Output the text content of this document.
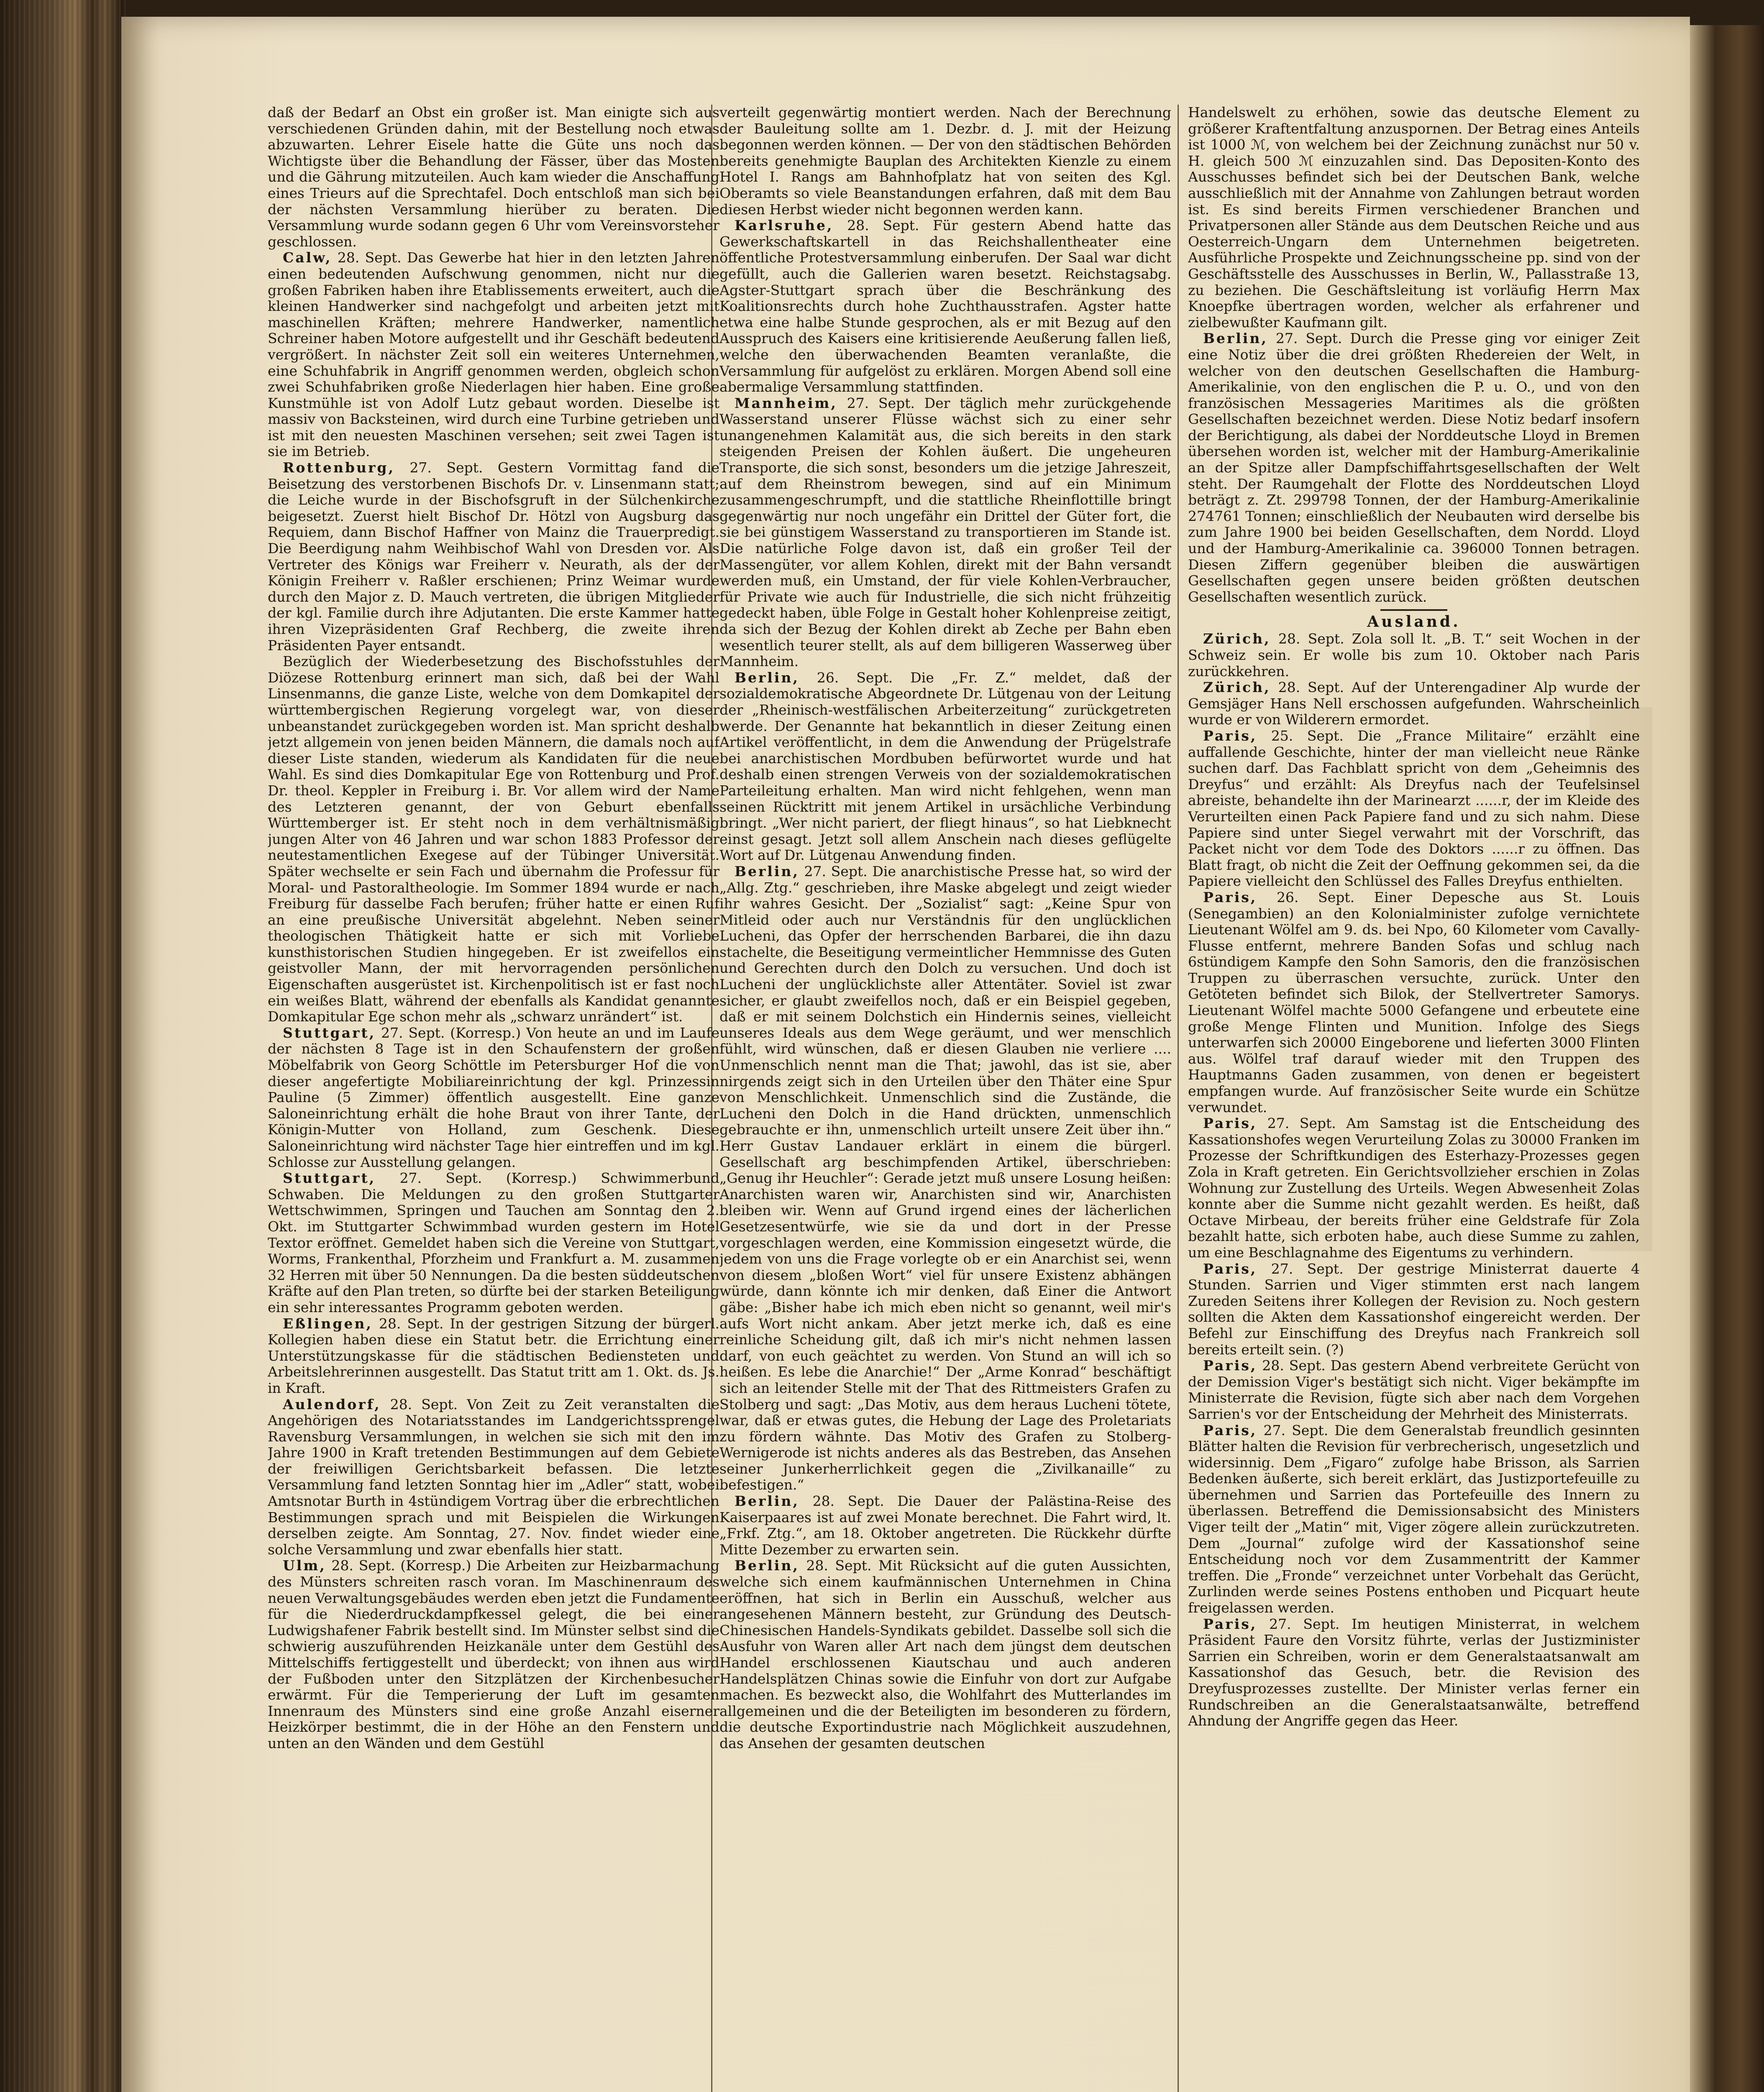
daß der Bedarf an Obst ein großer ist. Man einigte sich aus verschiedenen Gründen dahin, mit der Bestellung noch etwas abzuwarten. Lehrer Eisele hatte die Güte uns noch das Wichtigste über die Behandlung der Fässer, über das Mosten und die Gährung mitzuteilen. Auch kam wieder die Anschaffung eines Trieurs auf die Sprechtafel. Doch entschloß man sich bei der nächsten Versammlung hierüber zu beraten. Die Versammlung wurde sodann gegen 6 Uhr vom Vereinsvorsteher geschlossen.

Calw, 28. Sept. Das Gewerbe hat hier in den letzten Jahren einen bedeutenden Aufschwung genommen, nicht nur die großen Fabriken haben ihre Etablissements erweitert, auch die kleinen Handwerker sind nachgefolgt und arbeiten jetzt mit maschinellen Kräften; mehrere Handwerker, namentlich Schreiner haben Motore aufgestellt und ihr Geschäft bedeutend vergrößert. In nächster Zeit soll ein weiteres Unternehmen, eine Schuhfabrik in Angriff genommen werden, obgleich schon zwei Schuhfabriken große Niederlagen hier haben. Eine große Kunstmühle ist von Adolf Lutz gebaut worden. Dieselbe ist massiv von Backsteinen, wird durch eine Turbine getrieben und ist mit den neuesten Maschinen versehen; seit zwei Tagen ist sie im Betrieb.

Rottenburg, 27. Sept. Gestern Vormittag fand die Beisetzung des verstorbenen Bischofs Dr. v. Linsenmann statt; die Leiche wurde in der Bischofsgruft in der Sülchenkirche beigesetzt. Zuerst hielt Bischof Dr. Hötzl von Augsburg das Requiem, dann Bischof Haffner von Mainz die Trauerpredigt. Die Beerdigung nahm Weihbischof Wahl von Dresden vor. Als Vertreter des Königs war Freiherr v. Neurath, als der der Königin Freiherr v. Raßler erschienen; Prinz Weimar wurde durch den Major z. D. Mauch vertreten, die übrigen Mitglieder der kgl. Familie durch ihre Adjutanten. Die erste Kammer hatte ihren Vizepräsidenten Graf Rechberg, die zweite ihren Präsidenten Payer entsandt.

Bezüglich der Wiederbesetzung des Bischofsstuhles der Diözese Rottenburg erinnert man sich, daß bei der Wahl Linsenmanns, die ganze Liste, welche von dem Domkapitel der württembergischen Regierung vorgelegt war, von dieser unbeanstandet zurückgegeben worden ist. Man spricht deshalb jetzt allgemein von jenen beiden Männern, die damals noch auf dieser Liste standen, wiederum als Kandidaten für die neue Wahl. Es sind dies Domkapitular Ege von Rottenburg und Prof. Dr. theol. Keppler in Freiburg i. Br. Vor allem wird der Name des Letzteren genannt, der von Geburt ebenfalls Württemberger ist. Er steht noch in dem verhältnismäßig jungen Alter von 46 Jahren und war schon 1883 Professor der neutestamentlichen Exegese auf der Tübinger Universität. Später wechselte er sein Fach und übernahm die Professur für Moral- und Pastoraltheologie. Im Sommer 1894 wurde er nach Freiburg für dasselbe Fach berufen; früher hatte er einen Ruf an eine preußische Universität abgelehnt. Neben seiner theologischen Thätigkeit hatte er sich mit Vorliebe kunsthistorischen Studien hingegeben. Er ist zweifellos ein geistvoller Mann, der mit hervorragenden persönlichen Eigenschaften ausgerüstet ist. Kirchenpolitisch ist er fast noch ein weißes Blatt, während der ebenfalls als Kandidat genannte Domkapitular Ege schon mehr als „schwarz unrändert“ ist.

Stuttgart, 27. Sept. (Korresp.) Von heute an und im Laufe der nächsten 8 Tage ist in den Schaufenstern der großen Möbelfabrik von Georg Schöttle im Petersburger Hof die von dieser angefertigte Mobiliareinrichtung der kgl. Prinzessin Pauline (5 Zimmer) öffentlich ausgestellt. Eine ganze Saloneinrichtung erhält die hohe Braut von ihrer Tante, der Königin-Mutter von Holland, zum Geschenk. Diese Saloneinrichtung wird nächster Tage hier eintreffen und im kgl. Schlosse zur Ausstellung gelangen.

Stuttgart, 27. Sept. (Korresp.) Schwimmerbund Schwaben. Die Meldungen zu den großen Stuttgarter Wettschwimmen, Springen und Tauchen am Sonntag den 2. Okt. im Stuttgarter Schwimmbad wurden gestern im Hotel Textor eröffnet. Gemeldet haben sich die Vereine von Stuttgart, Worms, Frankenthal, Pforzheim und Frankfurt a. M. zusammen 32 Herren mit über 50 Nennungen. Da die besten süddeutschen Kräfte auf den Plan treten, so dürfte bei der starken Beteiligung ein sehr interessantes Programm geboten werden.

Eßlingen, 28. Sept. In der gestrigen Sitzung der bürgerl. Kollegien haben diese ein Statut betr. die Errichtung einer Unterstützungskasse für die städtischen Bediensteten und Arbeitslehrerinnen ausgestellt. Das Statut tritt am 1. Okt. ds. Js. in Kraft.

Aulendorf, 28. Sept. Von Zeit zu Zeit veranstalten die Angehörigen des Notariatsstandes im Landgerichtssprengel Ravensburg Versammlungen, in welchen sie sich mit den im Jahre 1900 in Kraft tretenden Bestimmungen auf dem Gebiete der freiwilligen Gerichtsbarkeit befassen. Die letzte Versammlung fand letzten Sonntag hier im „Adler“ statt, wobei Amtsnotar Burth in 4stündigem Vortrag über die erbrechtlichen Bestimmungen sprach und mit Beispielen die Wirkungen derselben zeigte. Am Sonntag, 27. Nov. findet wieder eine solche Versammlung und zwar ebenfalls hier statt.

Ulm, 28. Sept. (Korresp.) Die Arbeiten zur Heizbarmachung des Münsters schreiten rasch voran. Im Maschinenraum des neuen Verwaltungsgebäudes werden eben jetzt die Fundamente für die Niederdruckdampfkessel gelegt, die bei einer Ludwigshafener Fabrik bestellt sind. Im Münster selbst sind die schwierig auszuführenden Heizkanäle unter dem Gestühl des Mittelschiffs fertiggestellt und überdeckt; von ihnen aus wird der Fußboden unter den Sitzplätzen der Kirchenbesucher erwärmt. Für die Temperierung der Luft im gesamten Innenraum des Münsters sind eine große Anzahl eiserner Heizkörper bestimmt, die in der Höhe an den Fenstern und unten an den Wänden und dem Gestühl

verteilt gegenwärtig montiert werden. Nach der Berechnung der Bauleitung sollte am 1. Dezbr. d. J. mit der Heizung begonnen werden können. — Der von den städtischen Behörden bereits genehmigte Bauplan des Architekten Kienzle zu einem Hotel I. Rangs am Bahnhofplatz hat von seiten des Kgl. Oberamts so viele Beanstandungen erfahren, daß mit dem Bau diesen Herbst wieder nicht begonnen werden kann.

Karlsruhe, 28. Sept. Für gestern Abend hatte das Gewerkschaftskartell in das Reichshallentheater eine öffentliche Protestversammlung einberufen. Der Saal war dicht gefüllt, auch die Gallerien waren besetzt. Reichstagsabg. Agster-Stuttgart sprach über die Beschränkung des Koalitionsrechts durch hohe Zuchthausstrafen. Agster hatte etwa eine halbe Stunde gesprochen, als er mit Bezug auf den Ausspruch des Kaisers eine kritisierende Aeußerung fallen ließ, welche den überwachenden Beamten veranlaßte, die Versammlung für aufgelöst zu erklären. Morgen Abend soll eine abermalige Versammlung stattfinden.

Mannheim, 27. Sept. Der täglich mehr zurückgehende Wasserstand unserer Flüsse wächst sich zu einer sehr unangenehmen Kalamität aus, die sich bereits in den stark steigenden Preisen der Kohlen äußert. Die ungeheuren Transporte, die sich sonst, besonders um die jetzige Jahreszeit, auf dem Rheinstrom bewegen, sind auf ein Minimum zusammengeschrumpft, und die stattliche Rheinflottille bringt gegenwärtig nur noch ungefähr ein Drittel der Güter fort, die sie bei günstigem Wasserstand zu transportieren im Stande ist. Die natürliche Folge davon ist, daß ein großer Teil der Massengüter, vor allem Kohlen, direkt mit der Bahn versandt werden muß, ein Umstand, der für viele Kohlen-Verbraucher, für Private wie auch für Industrielle, die sich nicht frühzeitig gedeckt haben, üble Folge in Gestalt hoher Kohlenpreise zeitigt, da sich der Bezug der Kohlen direkt ab Zeche per Bahn eben wesentlich teurer stellt, als auf dem billigeren Wasserweg über Mannheim.

Berlin, 26. Sept. Die „Fr. Z.“ meldet, daß der sozialdemokratische Abgeordnete Dr. Lütgenau von der Leitung der „Rheinisch-westfälischen Arbeiterzeitung“ zurückgetreten werde. Der Genannte hat bekanntlich in dieser Zeitung einen Artikel veröffentlicht, in dem die Anwendung der Prügelstrafe bei anarchistischen Mordbuben befürwortet wurde und hat deshalb einen strengen Verweis von der sozialdemokratischen Parteileitung erhalten. Man wird nicht fehlgehen, wenn man seinen Rücktritt mit jenem Artikel in ursächliche Verbindung bringt. „Wer nicht pariert, der fliegt hinaus“, so hat Liebknecht einst gesagt. Jetzt soll allem Anschein nach dieses geflügelte Wort auf Dr. Lütgenau Anwendung finden.

Berlin, 27. Sept. Die anarchistische Presse hat, so wird der „Allg. Ztg.“ geschrieben, ihre Maske abgelegt und zeigt wieder ihr wahres Gesicht. Der „Sozialist“ sagt: „Keine Spur von Mitleid oder auch nur Verständnis für den unglücklichen Lucheni, das Opfer der herrschenden Barbarei, die ihn dazu stachelte, die Beseitigung vermeintlicher Hemmnisse des Guten und Gerechten durch den Dolch zu versuchen. Und doch ist Lucheni der unglücklichste aller Attentäter. Soviel ist zwar sicher, er glaubt zweifellos noch, daß er ein Beispiel gegeben, daß er mit seinem Dolchstich ein Hindernis seines, vielleicht unseres Ideals aus dem Wege geräumt, und wer menschlich fühlt, wird wünschen, daß er diesen Glauben nie verliere .... Unmenschlich nennt man die That; jawohl, das ist sie, aber nirgends zeigt sich in den Urteilen über den Thäter eine Spur von Menschlichkeit. Unmenschlich sind die Zustände, die Lucheni den Dolch in die Hand drückten, unmenschlich gebrauchte er ihn, unmenschlich urteilt unsere Zeit über ihn.“ Herr Gustav Landauer erklärt in einem die bürgerl. Gesellschaft arg beschimpfenden Artikel, überschrieben: „Genug ihr Heuchler“: Gerade jetzt muß unsere Losung heißen: Anarchisten waren wir, Anarchisten sind wir, Anarchisten bleiben wir. Wenn auf Grund irgend eines der lächerlichen Gesetzesentwürfe, wie sie da und dort in der Presse vorgeschlagen werden, eine Kommission eingesetzt würde, die jedem von uns die Frage vorlegte ob er ein Anarchist sei, wenn von diesem „bloßen Wort“ viel für unsere Existenz abhängen würde, dann könnte ich mir denken, daß Einer die Antwort gäbe: „Bisher habe ich mich eben nicht so genannt, weil mir's aufs Wort nicht ankam. Aber jetzt merke ich, daß es eine reinliche Scheidung gilt, daß ich mir's nicht nehmen lassen darf, von euch geächtet zu werden. Von Stund an will ich so heißen. Es lebe die Anarchie!“ Der „Arme Konrad“ beschäftigt sich an leitender Stelle mit der That des Rittmeisters Grafen zu Stolberg und sagt: „Das Motiv, aus dem heraus Lucheni tötete, war, daß er etwas gutes, die Hebung der Lage des Proletariats zu fördern wähnte. Das Motiv des Grafen zu Stolberg-Wernigerode ist nichts anderes als das Bestreben, das Ansehen seiner Junkerherrlichkeit gegen die „Zivilkanaille“ zu befestigen.“

Berlin, 28. Sept. Die Dauer der Palästina-Reise des Kaiserpaares ist auf zwei Monate berechnet. Die Fahrt wird, lt. „Frkf. Ztg.“, am 18. Oktober angetreten. Die Rückkehr dürfte Mitte Dezember zu erwarten sein.

Berlin, 28. Sept. Mit Rücksicht auf die guten Aussichten, welche sich einem kaufmännischen Unternehmen in China eröffnen, hat sich in Berlin ein Ausschuß, welcher aus angesehenen Männern besteht, zur Gründung des Deutsch-Chinesischen Handels-Syndikats gebildet. Dasselbe soll sich die Ausfuhr von Waren aller Art nach dem jüngst dem deutschen Handel erschlossenen Kiautschau und auch anderen Handelsplätzen Chinas sowie die Einfuhr von dort zur Aufgabe machen. Es bezweckt also, die Wohlfahrt des Mutterlandes im allgemeinen und die der Beteiligten im besonderen zu fördern, die deutsche Exportindustrie nach Möglichkeit auszudehnen, das Ansehen der gesamten deutschen

Handelswelt zu erhöhen, sowie das deutsche Element zu größerer Kraftentfaltung anzuspornen. Der Betrag eines Anteils ist 1000 ℳ, von welchem bei der Zeichnung zunächst nur 50 v. H. gleich 500 ℳ einzuzahlen sind. Das Depositen-Konto des Ausschusses befindet sich bei der Deutschen Bank, welche ausschließlich mit der Annahme von Zahlungen betraut worden ist. Es sind bereits Firmen verschiedener Branchen und Privatpersonen aller Stände aus dem Deutschen Reiche und aus Oesterreich-Ungarn dem Unternehmen beigetreten. Ausführliche Prospekte und Zeichnungsscheine pp. sind von der Geschäftsstelle des Ausschusses in Berlin, W., Pallasstraße 13, zu beziehen. Die Geschäftsleitung ist vorläufig Herrn Max Knoepfke übertragen worden, welcher als erfahrener und zielbewußter Kaufmann gilt.

Berlin, 27. Sept. Durch die Presse ging vor einiger Zeit eine Notiz über die drei größten Rhedereien der Welt, in welcher von den deutschen Gesellschaften die Hamburg-Amerikalinie, von den englischen die P. u. O., und von den französischen Messageries Maritimes als die größten Gesellschaften bezeichnet werden. Diese Notiz bedarf insofern der Berichtigung, als dabei der Norddeutsche Lloyd in Bremen übersehen worden ist, welcher mit der Hamburg-Amerikalinie an der Spitze aller Dampfschiffahrtsgesellschaften der Welt steht. Der Raumgehalt der Flotte des Norddeutschen Lloyd beträgt z. Zt. 299798 Tonnen, der der Hamburg-Amerikalinie 274761 Tonnen; einschließlich der Neubauten wird derselbe bis zum Jahre 1900 bei beiden Gesellschaften, dem Nordd. Lloyd und der Hamburg-Amerikalinie ca. 396000 Tonnen betragen. Diesen Ziffern gegenüber bleiben die auswärtigen Gesellschaften gegen unsere beiden größten deutschen Gesellschaften wesentlich zurück.

Ausland.

Zürich, 28. Sept. Zola soll lt. „B. T.“ seit Wochen in der Schweiz sein. Er wolle bis zum 10. Oktober nach Paris zurückkehren.

Zürich, 28. Sept. Auf der Unterengadiner Alp wurde der Gemsjäger Hans Nell erschossen aufgefunden. Wahrscheinlich wurde er von Wilderern ermordet.

Paris, 25. Sept. Die „France Militaire“ erzählt eine auffallende Geschichte, hinter der man vielleicht neue Ränke suchen darf. Das Fachblatt spricht von dem „Geheimnis des Dreyfus“ und erzählt: Als Dreyfus nach der Teufelsinsel abreiste, behandelte ihn der Marinearzt ......r, der im Kleide des Verurteilten einen Pack Papiere fand und zu sich nahm. Diese Papiere sind unter Siegel verwahrt mit der Vorschrift, das Packet nicht vor dem Tode des Doktors ......r zu öffnen. Das Blatt fragt, ob nicht die Zeit der Oeffnung gekommen sei, da die Papiere vielleicht den Schlüssel des Falles Dreyfus enthielten.

Paris, 26. Sept. Einer Depesche aus St. Louis (Senegambien) an den Kolonialminister zufolge vernichtete Lieutenant Wölfel am 9. ds. bei Npo, 60 Kilometer vom Cavally-Flusse entfernt, mehrere Banden Sofas und schlug nach 6stündigem Kampfe den Sohn Samoris, den die französischen Truppen zu überraschen versuchte, zurück. Unter den Getöteten befindet sich Bilok, der Stellvertreter Samorys. Lieutenant Wölfel machte 5000 Gefangene und erbeutete eine große Menge Flinten und Munition. Infolge des Siegs unterwarfen sich 20000 Eingeborene und lieferten 3000 Flinten aus. Wölfel traf darauf wieder mit den Truppen des Hauptmanns Gaden zusammen, von denen er begeistert empfangen wurde. Auf französischer Seite wurde ein Schütze verwundet.

Paris, 27. Sept. Am Samstag ist die Entscheidung des Kassationshofes wegen Verurteilung Zolas zu 30000 Franken im Prozesse der Schriftkundigen des Esterhazy-Prozesses gegen Zola in Kraft getreten. Ein Gerichtsvollzieher erschien in Zolas Wohnung zur Zustellung des Urteils. Wegen Abwesenheit Zolas konnte aber die Summe nicht gezahlt werden. Es heißt, daß Octave Mirbeau, der bereits früher eine Geldstrafe für Zola bezahlt hatte, sich erboten habe, auch diese Summe zu zahlen, um eine Beschlagnahme des Eigentums zu verhindern.

Paris, 27. Sept. Der gestrige Ministerrat dauerte 4 Stunden. Sarrien und Viger stimmten erst nach langem Zureden Seitens ihrer Kollegen der Revision zu. Noch gestern sollten die Akten dem Kassationshof eingereicht werden. Der Befehl zur Einschiffung des Dreyfus nach Frankreich soll bereits erteilt sein. (?)

Paris, 28. Sept. Das gestern Abend verbreitete Gerücht von der Demission Viger's bestätigt sich nicht. Viger bekämpfte im Ministerrate die Revision, fügte sich aber nach dem Vorgehen Sarrien's vor der Entscheidung der Mehrheit des Ministerrats.

Paris, 27. Sept. Die dem Generalstab freundlich gesinnten Blätter halten die Revision für verbrecherisch, ungesetzlich und widersinnig. Dem „Figaro“ zufolge habe Brisson, als Sarrien Bedenken äußerte, sich bereit erklärt, das Justizportefeuille zu übernehmen und Sarrien das Portefeuille des Innern zu überlassen. Betreffend die Demissionsabsicht des Ministers Viger teilt der „Matin“ mit, Viger zögere allein zurückzutreten. Dem „Journal“ zufolge wird der Kassationshof seine Entscheidung noch vor dem Zusammentritt der Kammer treffen. Die „Fronde“ verzeichnet unter Vorbehalt das Gerücht, Zurlinden werde seines Postens enthoben und Picquart heute freigelassen werden.

Paris, 27. Sept. Im heutigen Ministerrat, in welchem Präsident Faure den Vorsitz führte, verlas der Justizminister Sarrien ein Schreiben, worin er dem Generalstaatsanwalt am Kassationshof das Gesuch, betr. die Revision des Dreyfusprozesses zustellte. Der Minister verlas ferner ein Rundschreiben an die Generalstaatsanwälte, betreffend Ahndung der Angriffe gegen das Heer.
